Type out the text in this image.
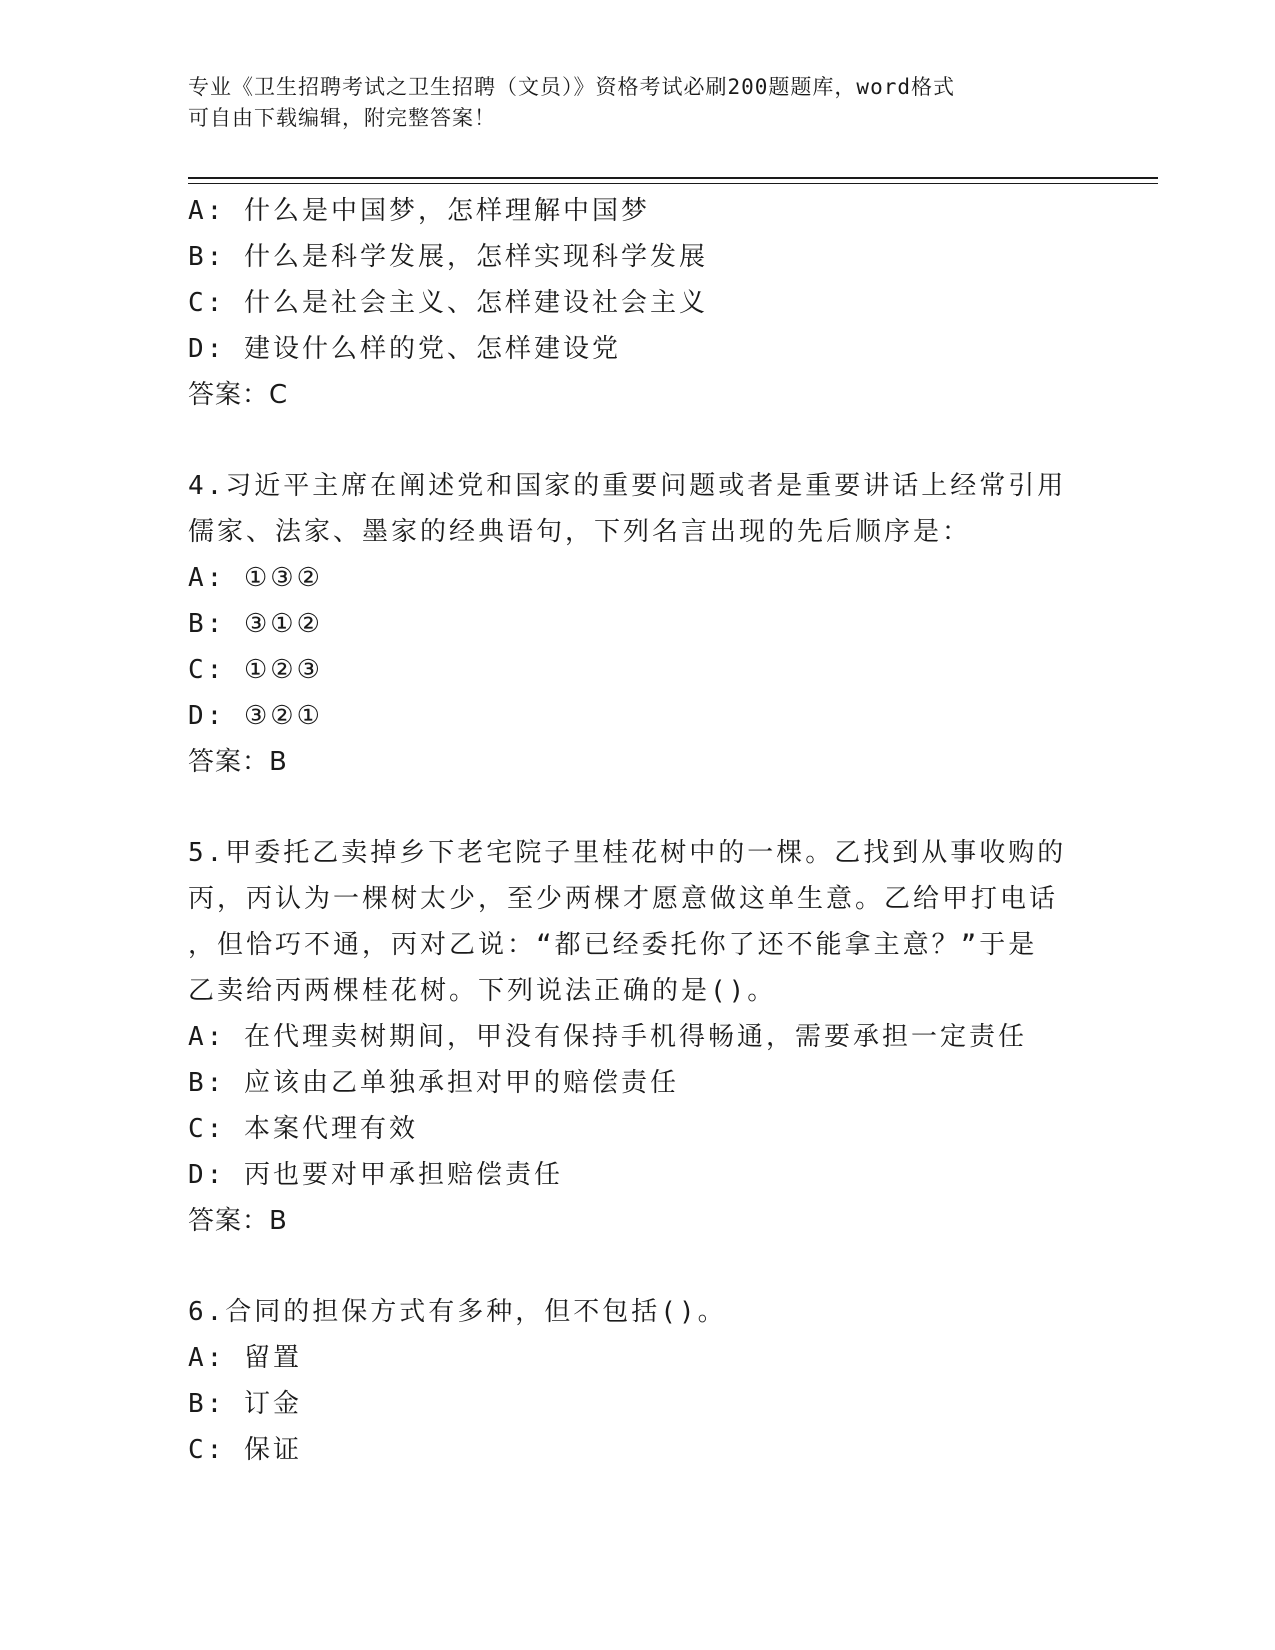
专业《卫生招聘考试之卫生招聘（文员）》资格考试必刷200题题库，word格式
可自由下载编辑，附完整答案！
A: 什么是中国梦，怎样理解中国梦
B: 什么是科学发展，怎样实现科学发展
C: 什么是社会主义、怎样建设社会主义
D: 建设什么样的党、怎样建设党
答案：C
4.习近平主席在阐述党和国家的重要问题或者是重要讲话上经常引用
儒家、法家、墨家的经典语句，下列名言出现的先后顺序是：
A: ①③②
B: ③①②
C: ①②③
D: ③②①
答案：B
5.甲委托乙卖掉乡下老宅院子里桂花树中的一棵。乙找到从事收购的
丙，丙认为一棵树太少，至少两棵才愿意做这单生意。乙给甲打电话
，但恰巧不通，丙对乙说：“都已经委托你了还不能拿主意？”于是
乙卖给丙两棵桂花树。下列说法正确的是()。
A: 在代理卖树期间，甲没有保持手机得畅通，需要承担一定责任
B: 应该由乙单独承担对甲的赔偿责任
C: 本案代理有效
D: 丙也要对甲承担赔偿责任
答案：B
6.合同的担保方式有多种，但不包括()。
A: 留置
B: 订金
C: 保证
